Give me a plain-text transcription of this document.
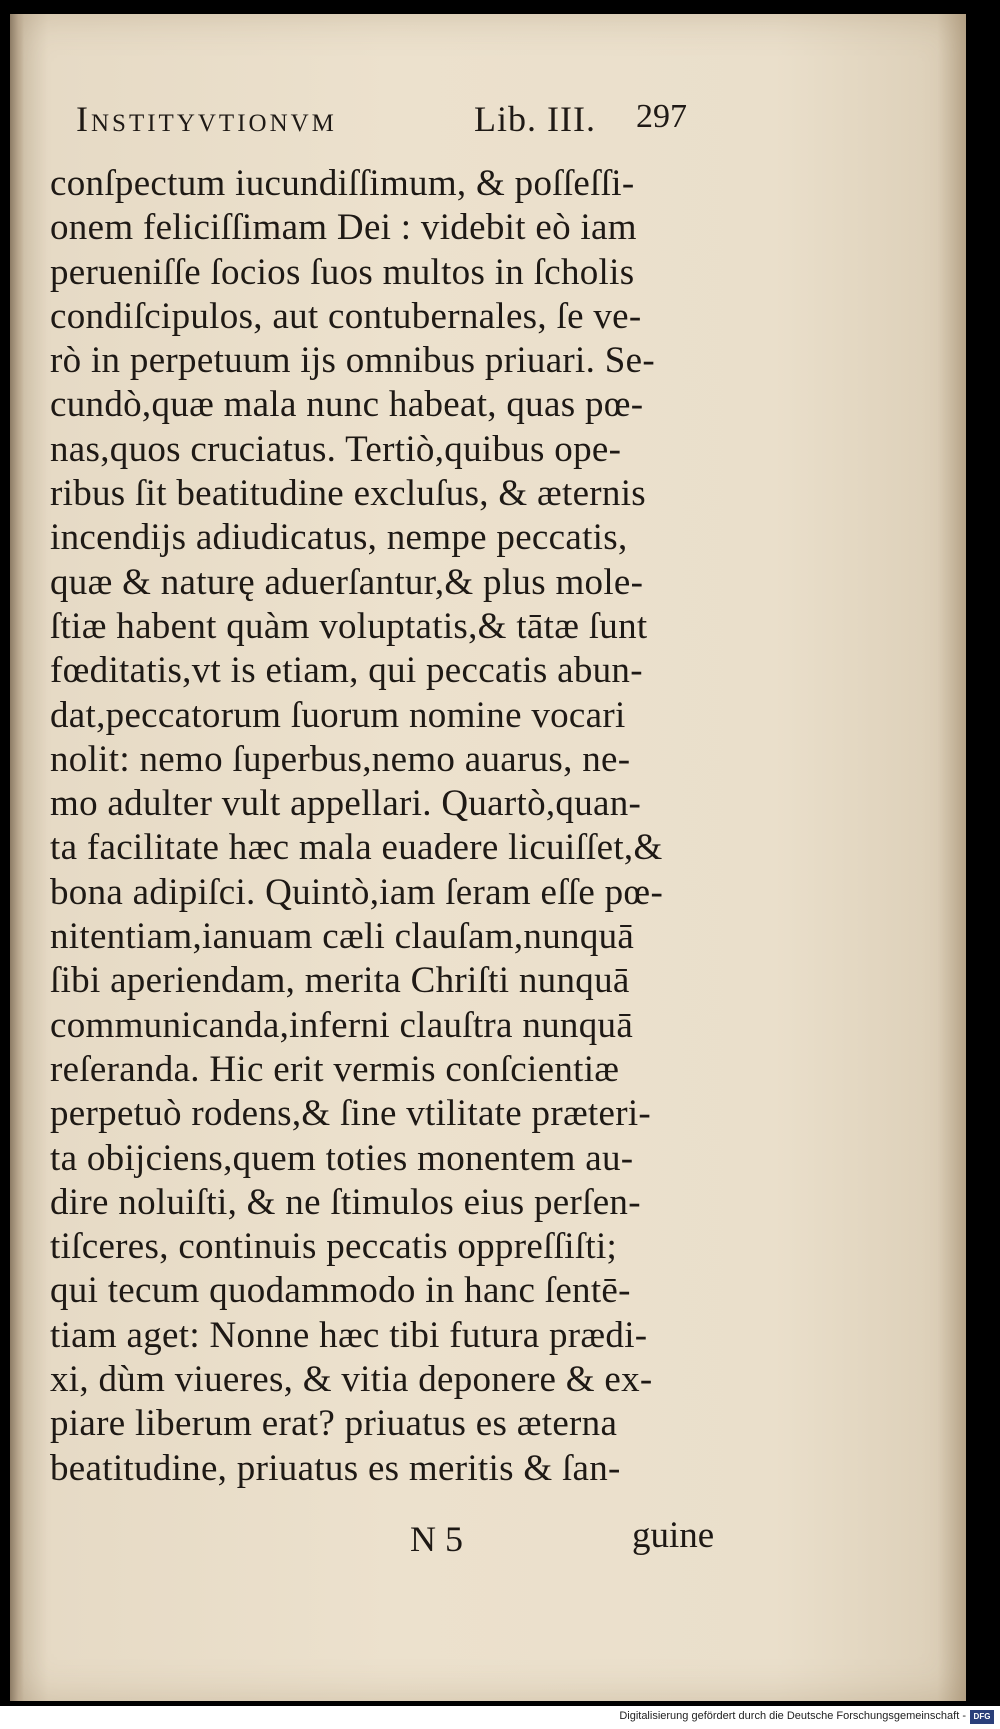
Instityvtionvm	Lib. III. 297
conſpectum iucundiſſimum, & poſſeſſi-
onem feliciſſimam Dei : videbit eò iam
perueniſſe ſocios ſuos multos in ſcholis
condiſcipulos, aut contubernales, ſe ve-
rò in perpetuum ijs omnibus priuari. Se-
cundò,quæ mala nunc habeat, quas pœ-
nas,quos cruciatus. Tertiò,quibus ope-
ribus ſit beatitudine excluſus, & æternis
incendijs adiudicatus, nempe peccatis,
quæ & naturę aduerſantur,& plus mole-
ſtiæ habent quàm voluptatis,& tātæ ſunt
fœditatis,vt is etiam, qui peccatis abun-
dat,peccatorum ſuorum nomine vocari
nolit: nemo ſuperbus,nemo auarus, ne-
mo adulter vult appellari. Quartò,quan-
ta facilitate hæc mala euadere licuiſſet,&
bona adipiſci. Quintò,iam ſeram eſſe pœ-
nitentiam,ianuam cæli clauſam,nunquā
ſibi aperiendam, merita Chriſti nunquā
communicanda,inferni clauſtra nunquā
reſeranda. Hic erit vermis conſcientiæ
perpetuò rodens,& ſine vtilitate præteri-
ta obijciens,quem toties monentem au-
dire noluiſti, & ne ſtimulos eius perſen-
tiſceres, continuis peccatis oppreſſiſti;
qui tecum quodammodo in hanc ſentē-
tiam aget: Nonne hæc tibi futura prædi-
xi, dùm viueres, & vitia deponere & ex-
piare liberum erat? priuatus es æterna
beatitudine, priuatus es meritis & ſan-
N 5	guine
Digitalisierung gefördert durch die Deutsche Forschungsgemeinschaft - DFG
